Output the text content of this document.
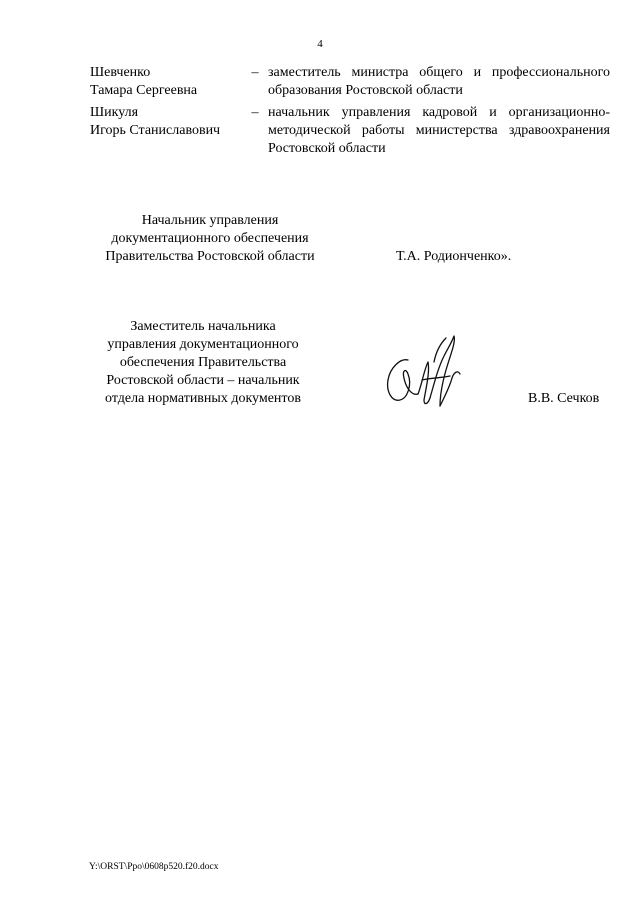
4
Шевченко
Тамара Сергеевна
– заместитель министра общего и профессионального образования Ростовской области
Шикуля
Игорь Станиславович
– начальник управления кадровой и организационно-методической работы министерства здравоохранения Ростовской области
Начальник управления
документационного обеспечения
Правительства Ростовской области	Т.А. Родионченко».
Заместитель начальника
управления документационного
обеспечения Правительства
Ростовской области – начальник
отдела нормативных документов	В.В. Сечков
Y:\ORST\Ppo\0608p520.f20.docx
